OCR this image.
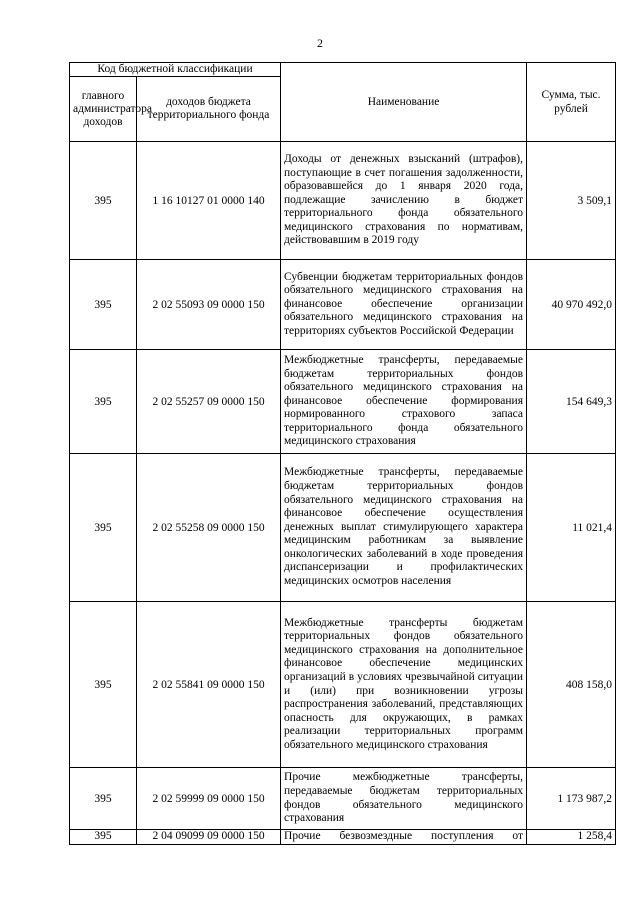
2
Код бюджетной классификации		Наименование	Сумма, тыс. рублей
главного администратора доходов	доходов бюджета территориального фонда		
395	1 16 10127 01 0000 140	Доходы от денежных взысканий (штрафов), поступающие в счет погашения задолженности, образовавшейся до 1 января 2020 года, подлежащие зачислению в бюджет территориального фонда обязательного медицинского страхования по нормативам, действовавшим в 2019 году	3 509,1
395	2 02 55093 09 0000 150	Субвенции бюджетам территориальных фондов обязательного медицинского страхования на финансовое обеспечение организации обязательного медицинского страхования на территориях субъектов Российской Федерации	40 970 492,0
395	2 02 55257 09 0000 150	Межбюджетные трансферты, передаваемые бюджетам территориальных фондов обязательного медицинского страхования на финансовое обеспечение формирования нормированного страхового запаса территориального фонда обязательного медицинского страхования	154 649,3
395	2 02 55258 09 0000 150	Межбюджетные трансферты, передаваемые бюджетам территориальных фондов обязательного медицинского страхования на финансовое обеспечение осуществления денежных выплат стимулирующего характера медицинским работникам за выявление онкологических заболеваний в ходе проведения диспансеризации и профилактических медицинских осмотров населения	11 021,4
395	2 02 55841 09 0000 150	Межбюджетные трансферты бюджетам территориальных фондов обязательного медицинского страхования на дополнительное финансовое обеспечение медицинских организаций в условиях чрезвычайной ситуации и (или) при возникновении угрозы распространения заболеваний, представляющих опасность для окружающих, в рамках реализации территориальных программ обязательного медицинского страхования	408 158,0
395	2 02 59999 09 0000 150	Прочие межбюджетные трансферты, передаваемые бюджетам территориальных фондов обязательного медицинского страхования	1 173 987,2
395	2 04 09099 09 0000 150	Прочие безвозмездные поступления от	1 258,4
